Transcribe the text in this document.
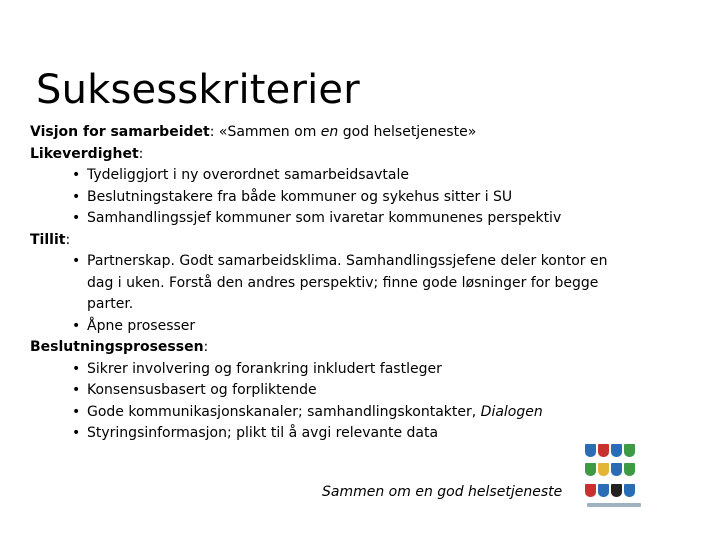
Suksesskriterier
Visjon for samarbeidet: «Sammen om en god helsetjeneste»
Likeverdighet:
• Tydeliggjort i ny overordnet samarbeidsavtale
• Beslutningstakere fra både kommuner og sykehus sitter i SU
• Samhandlingssjef kommuner som ivaretar kommunenes perspektiv
Tillit:
• Partnerskap. Godt samarbeidsklima. Samhandlingssjefene deler kontor en dag i uken. Forstå den andres perspektiv; finne gode løsninger for begge parter.
• Åpne prosesser
Beslutningsprosessen:
• Sikrer involvering og forankring inkludert fastleger
• Konsensusbasert og forpliktende
• Gode kommunikasjonskanaler; samhandlingskontakter, Dialogen
• Styringsinformasjon; plikt til å avgi relevante data
Sammen om en god helsetjeneste
